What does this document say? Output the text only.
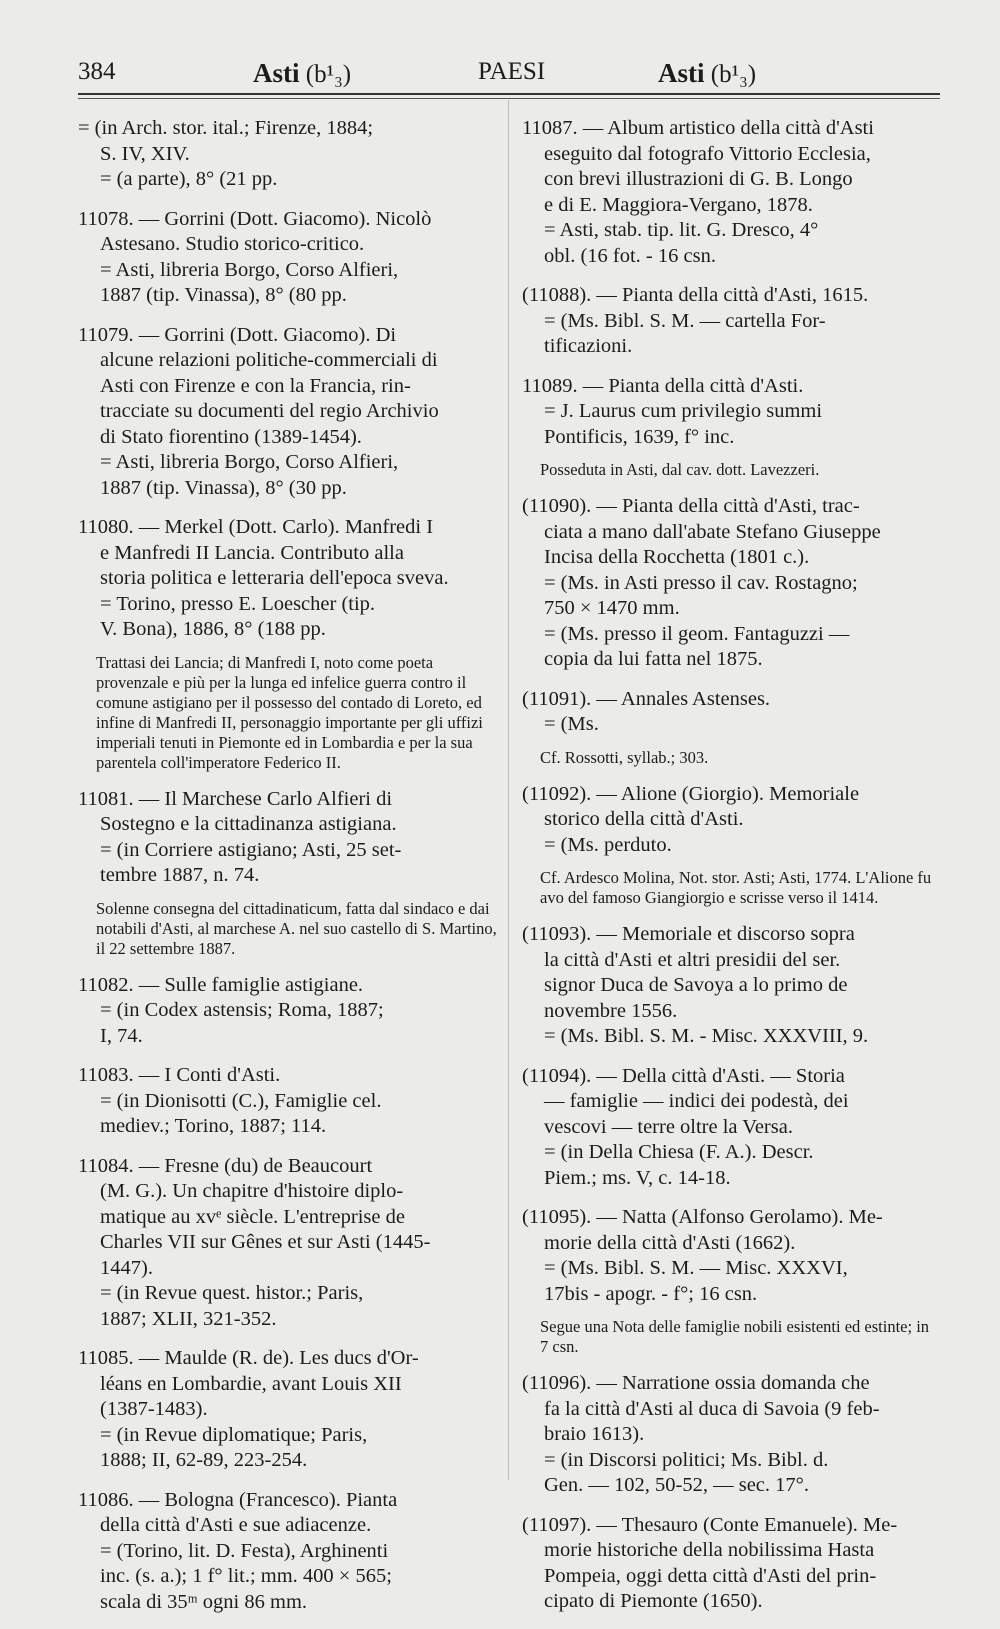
384	Asti (b¹₃)	PAESI	Asti (b¹₃)

= (in Arch. stor. ital.; Firenze, 1884;

S. IV, XIV.

= (a parte), 8° (21 pp.

11078. — Gorrini (Dott. Giacomo). Nicolò

Astesano. Studio storico-critico.

= Asti, libreria Borgo, Corso Alfieri,

1887 (tip. Vinassa), 8° (80 pp.

11079. — Gorrini (Dott. Giacomo). Di

alcune relazioni politiche-commerciali di

Asti con Firenze e con la Francia, rin-

tracciate su documenti del regio Archivio

di Stato fiorentino (1389-1454).

= Asti, libreria Borgo, Corso Alfieri,

1887 (tip. Vinassa), 8° (30 pp.

11080. — Merkel (Dott. Carlo). Manfredi I

e Manfredi II Lancia. Contributo alla

storia politica e letteraria dell'epoca sveva.

= Torino, presso E. Loescher (tip.

V. Bona), 1886, 8° (188 pp.

Trattasi dei Lancia; di Manfredi I, noto come poeta provenzale e più per la lunga ed infelice guerra contro il comune astigiano per il possesso del contado di Loreto, ed infine di Manfredi II, personaggio importante per gli uffizi imperiali tenuti in Piemonte ed in Lombardia e per la sua parentela coll'imperatore Federico II.

11081. — Il Marchese Carlo Alfieri di

Sostegno e la cittadinanza astigiana.

= (in Corriere astigiano; Asti, 25 set-

tembre 1887, n. 74.

Solenne consegna del cittadinaticum, fatta dal sindaco e dai notabili d'Asti, al marchese A. nel suo castello di S. Martino, il 22 settembre 1887.

11082. — Sulle famiglie astigiane.

= (in Codex astensis; Roma, 1887;

I, 74.

11083. — I Conti d'Asti.

= (in Dionisotti (C.), Famiglie cel.

mediev.; Torino, 1887; 114.

11084. — Fresne (du) de Beaucourt

(M. G.). Un chapitre d'histoire diplo-

matique au xvᵉ siècle. L'entreprise de

Charles VII sur Gênes et sur Asti (1445-

1447).

= (in Revue quest. histor.; Paris,

1887; XLII, 321-352.

11085. — Maulde (R. de). Les ducs d'Or-

léans en Lombardie, avant Louis XII

(1387-1483).

= (in Revue diplomatique; Paris,

1888; II, 62-89, 223-254.

11086. — Bologna (Francesco). Pianta

della città d'Asti e sue adiacenze.

= (Torino, lit. D. Festa), Arghinenti

inc. (s. a.); 1 f° lit.; mm. 400 × 565;

scala di 35ᵐ ogni 86 mm.

11087. — Album artistico della città d'Asti

eseguito dal fotografo Vittorio Ecclesia,

con brevi illustrazioni di G. B. Longo

e di E. Maggiora-Vergano, 1878.

= Asti, stab. tip. lit. G. Dresco, 4°

obl. (16 fot. - 16 csn.

(11088). — Pianta della città d'Asti, 1615.

= (Ms. Bibl. S. M. — cartella For-

tificazioni.

11089. — Pianta della città d'Asti.

= J. Laurus cum privilegio summi

Pontificis, 1639, f° inc.

Posseduta in Asti, dal cav. dott. Lavezzeri.

(11090). — Pianta della città d'Asti, trac-

ciata a mano dall'abate Stefano Giuseppe

Incisa della Rocchetta (1801 c.).

= (Ms. in Asti presso il cav. Rostagno;

750 × 1470 mm.

= (Ms. presso il geom. Fantaguzzi —

copia da lui fatta nel 1875.

(11091). — Annales Astenses.

= (Ms.

Cf. Rossotti, syllab.; 303.

(11092). — Alione (Giorgio). Memoriale

storico della città d'Asti.

= (Ms. perduto.

Cf. Ardesco Molina, Not. stor. Asti; Asti, 1774. L'Alione fu avo del famoso Giangiorgio e scrisse verso il 1414.

(11093). — Memoriale et discorso sopra

la città d'Asti et altri presidii del ser.

signor Duca de Savoya a lo primo de

novembre 1556.

= (Ms. Bibl. S. M. - Misc. XXXVIII, 9.

(11094). — Della città d'Asti. — Storia

— famiglie — indici dei podestà, dei

vescovi — terre oltre la Versa.

= (in Della Chiesa (F. A.). Descr.

Piem.; ms. V, c. 14-18.

(11095). — Natta (Alfonso Gerolamo). Me-

morie della città d'Asti (1662).

= (Ms. Bibl. S. M. — Misc. XXXVI,

17bis - apogr. - f°; 16 csn.

Segue una Nota delle famiglie nobili esistenti ed estinte; in 7 csn.

(11096). — Narratione ossia domanda che

fa la città d'Asti al duca di Savoia (9 feb-

braio 1613).

= (in Discorsi politici; Ms. Bibl. d.

Gen. — 102, 50-52, — sec. 17°.

(11097). — Thesauro (Conte Emanuele). Me-

morie historiche della nobilissima Hasta

Pompeia, oggi detta città d'Asti del prin-

cipato di Piemonte (1650).
